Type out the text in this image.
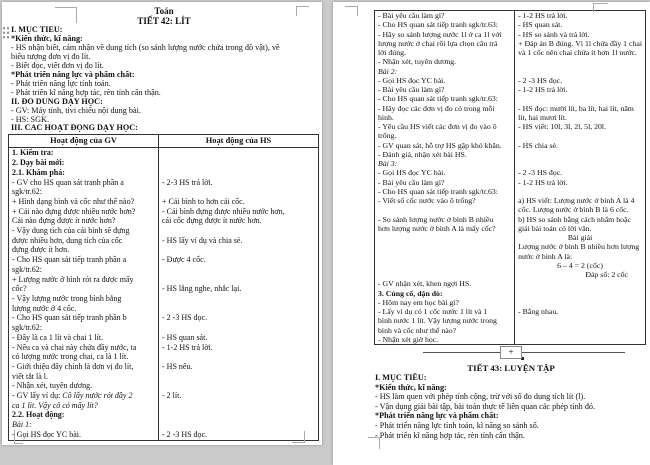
Toán
TIẾT 42: LÍT
I. MỤC TIÊU:
*Kiến thức, kĩ năng:
- HS nhận biết, cảm nhận về dung tích (so sánh lượng nước chứa trong đồ vật), về
biểu tượng đơn vị đo lít.
- Biết đọc, viết đơn vị đo lít.
*Phát triển năng lực và phẩm chất:
- Phát triển năng lực tính toán.
- Phát triển kĩ năng hợp tác, rèn tính cẩn thận.
II. ĐỒ DÙNG DẠY HỌC:
- GV: Máy tính, tivi chiếu nội dung bài.
- HS: SGK.
III. CÁC HOẠT ĐỘNG DẠY HỌC:
Hoạt động của GV	Hoạt động của HS
1. Kiểm tra:
2. Dạy bài mới:
2.1. Khám phá:
- GV cho HS quan sát tranh phần a
sgk/tr.62:
+ Hình dạng bình và cốc như thế nào?
+ Cái nào đựng được nhiều nước hơn?
Cái nào đựng được ít nước hơn?
- Vậy dung tích của cái bình sẽ đựng
được nhiều hơn, dung tích của cốc
đựng được ít hơn.
- Cho HS quan sát tiếp tranh phần a
sgk/tr.62:
+ Lượng nước ở bình rót ra được mấy
cốc?
- Vậy lượng nước trong bình bằng
lượng nước ở 4 cốc.
- Cho HS quan sát tiếp tranh phần b
sgk/tr.62:
- Đây là ca 1 lít và chai 1 lít.
- Nếu ca và chai này chứa đầy nước, ta
có lượng nước trong chai, ca là 1 lít.
- Giới thiệu đây chính là đơn vị đo lít,
viết tắt là l.
- Nhận xét, tuyên dương.
- GV lấy ví dụ: Cô lấy nước rót đầy 2
ca 1 lít. Vậy cô có mấy lít?
2.2. Hoạt động:
Bài 1:
- Gọi HS đọc YC bài.

- 2-3 HS trả lời.

+ Cái bình to hơn cái cốc.
- Cái bình đựng được nhiều nước hơn,
cái cốc đựng được ít nước hơn.

- HS lấy ví dụ và chia sẻ.

- Được 4 cốc.

- HS lắng nghe, nhắc lại.

- 2 -3 HS đọc.

- HS quan sát.
- 1-2 HS trả lời.

- HS nêu.

- 2 lít.

- 2 -3 HS đọc.
- Bài yêu cầu làm gì?
- Cho HS quan sát tiếp tranh sgk/tr.63:
- Hãy so sánh lượng nước 1l ở ca 1l với
lượng nước ở chai rồi lựa chọn câu trả
lời đúng.
- Nhận xét, tuyên dương.
Bài 2:
- Gọi HS đọc YC bài.
- Bài yêu cầu làm gì?
- Cho HS quan sát tiếp tranh sgk/tr.63:
- Hãy đọc các đơn vị đo có trong mỗi
hình.
- Yêu cầu HS viết các đơn vị đo vào ô
trống.
- GV quan sát, hỗ trợ HS gặp khó khăn.
- Đánh giá, nhận xét bài HS.
Bài 3:
- Gọi HS đọc YC bài.
- Bài yêu cầu làm gì?
- Cho HS quan sát tiếp tranh sgk/tr.63:
- Viết số cốc nước vào ô trống?

- So sánh lượng nước ở bình B nhiều
hơn lượng nước ở bình A là mấy cốc?

- GV nhận xét, khen ngợi HS.
3. Củng cố, dặn dò:
- Hôm nay em học bài gì?
- Lấy ví dụ có 1 cốc nước 1 lít và 1
bình nước 1 lít. Vậy lượng nước trong
bình và cốc như thế nào?
- Nhận xét giờ học.
- 1-2 HS trả lời.
- HS quan sát.
- HS so sánh và trả lời.
+ Đáp án B đúng. Vì 1l chứa đầy 1 chai
và 1 cốc nên chai chứa ít hơn 1l nước.

- 2 -3 HS đọc.
- 1-2 HS trả lời.

- HS đọc: mười lít, ba lít, hai lít, năm
lít, hai mươi lít.
- HS viết: 10l, 3l, 2l, 5l, 20l.

- HS chia sẻ.

- 2 -3 HS đọc.
- 1-2 HS trả lời.

a) HS viết: Lượng nước ở bình A là 4
cốc. Lượng nước ở bình B là 6 cốc.
b) HS so sánh bằng cách nhẩm hoặc
giải bài toán có lời văn.
Bài giải
Lượng nước ở bình B nhiều hơn lượng
nước ở bình A là:
6 – 4 = 2 (cốc)
Đáp số: 2 cốc

- Bằng nhau.

+
TIẾT 43: LUYỆN TẬP
I. MỤC TIÊU:
*Kiến thức, kĩ năng:
- HS làm quen với phép tính cộng, trừ với số đo dung tích lít (l).
- Vận dụng giải bài tập, bài toán thực tế liên quan các phép tính đó.
*Phát triển năng lực và phẩm chất:
- Phát triển năng lực tính toán, kĩ năng so sánh số.
- Phát triển kĩ năng hợp tác, rèn tính cẩn thận.
